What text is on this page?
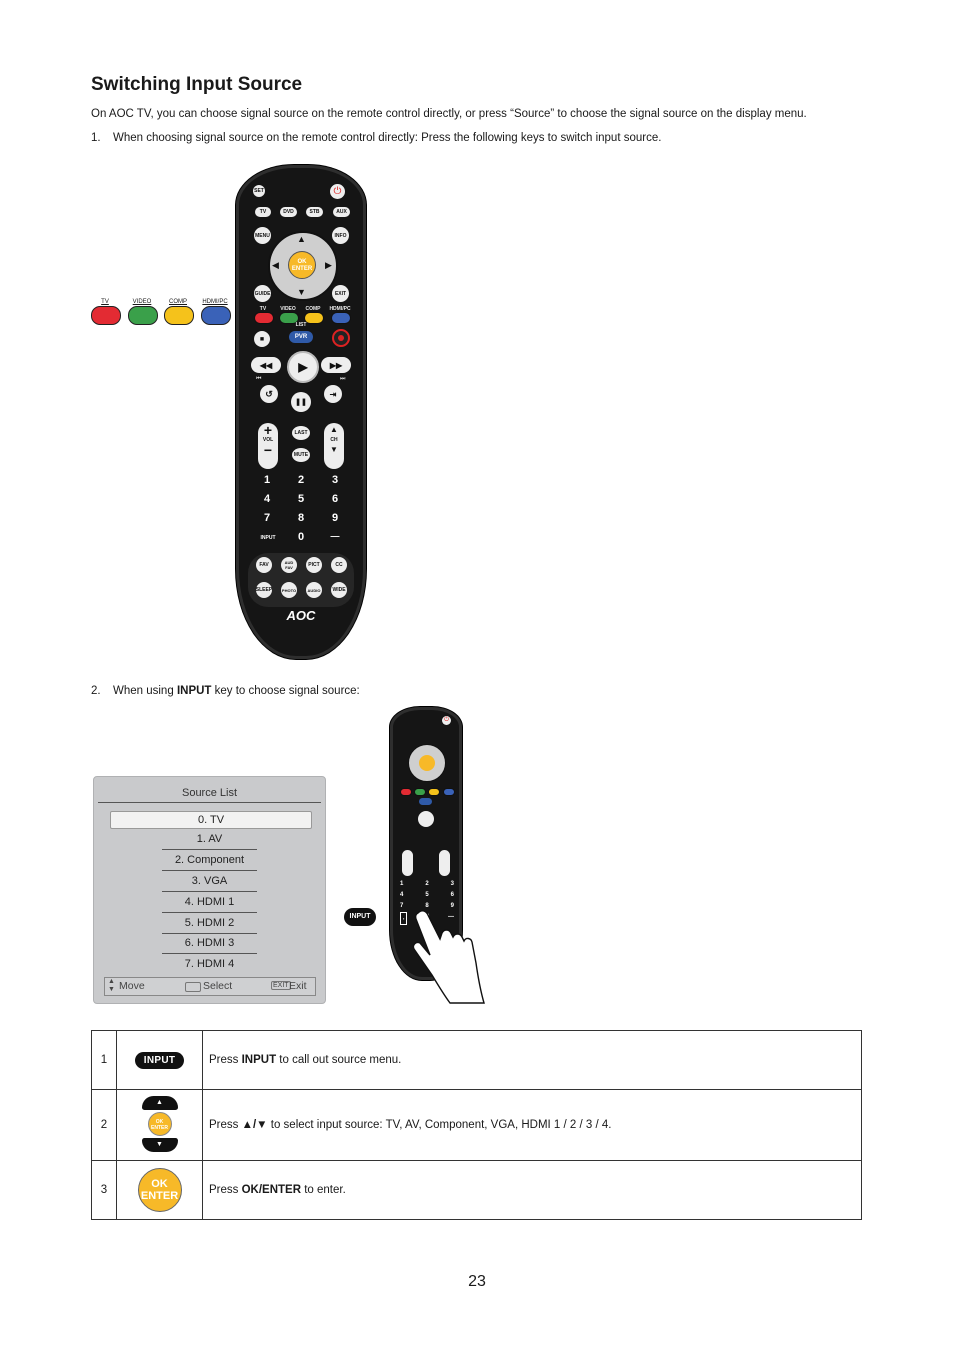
Switching Input Source
On AOC TV, you can choose signal source on the remote control directly, or press “Source” to choose the signal source on the display menu.
1. When choosing signal source on the remote control directly: Press the following keys to switch input source.
TV	VIDEO	COMP	HDMI/PC
SET	⏻
TV	DVD	STB	AUX
MENU	INFO
▲
▼
◀	▶
OK
ENTER
GUIDE	EXIT
TV	VIDEO	COMP	HDMI/PC
LIST
PVR
■
◀◀	▶	▶▶
⏮	⏭
↺
❚❚
⇥
+
VOL
−
▲
CH
▼
LAST
MUTE
1	2	3
4	5	6
7	8	9
INPUT	0	—
FAV	AUD FAV	PICT	CC
SLEEP PHOTO	AUDIO	WIDE
AOC
2. When using INPUT key to choose signal source:
Source List
0. TV
1. AV
2. Component
3. VGA
4. HDMI 1
5. HDMI 2
6. HDMI 3
7. HDMI 4
▲
▼ Move	Select	EXIT Exit
INPUT
⏻
1	2	3
4	5	6
7	8	9
▪	—
1	INPUT	Press INPUT to call out source menu.
2	▲
OK
ENTER
▼	Press ▲/▼ to select input source: TV, AV, Component, VGA, HDMI 1 / 2 / 3 / 4.
3	OK
ENTER	Press OK/ENTER to enter.
23
